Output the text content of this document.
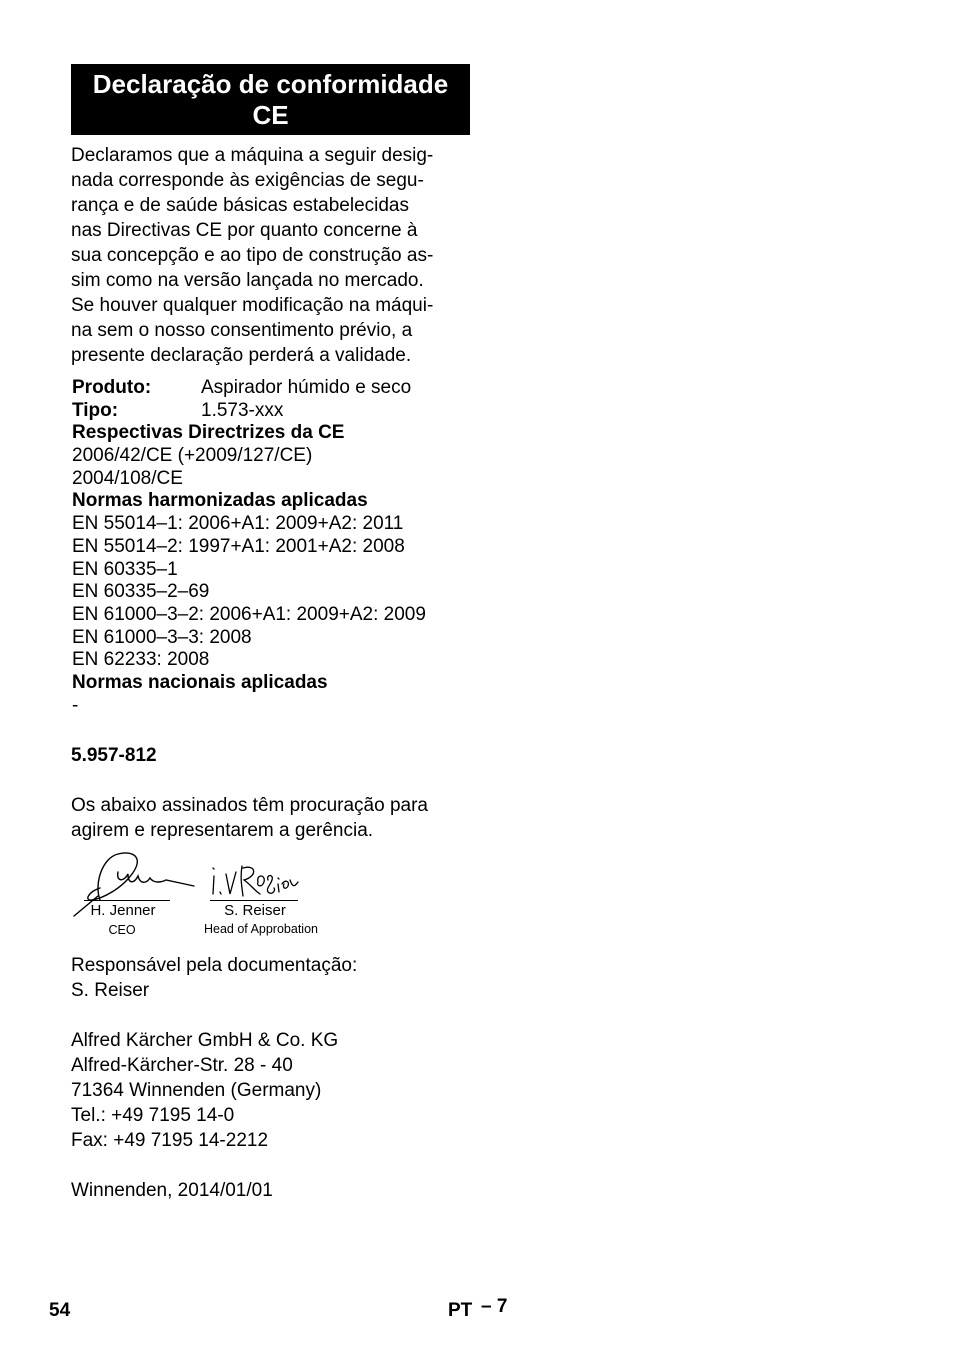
Declaração de conformidade
CE
Declaramos que a máquina a seguir desig-
nada corresponde às exigências de segu-
rança e de saúde básicas estabelecidas
nas Directivas CE por quanto concerne à
sua concepção e ao tipo de construção as-
sim como na versão lançada no mercado.
Se houver qualquer modificação na máqui-
na sem o nosso consentimento prévio, a
presente declaração perderá a validade.
Produto:	Aspirador húmido e seco
Tipo:	1.573-xxx
Respectivas Directrizes da CE
2006/42/CE (+2009/127/CE)
2004/108/CE
Normas harmonizadas aplicadas
EN 55014–1: 2006+A1: 2009+A2: 2011
EN 55014–2: 1997+A1: 2001+A2: 2008
EN 60335–1
EN 60335–2–69
EN 61000–3–2: 2006+A1: 2009+A2: 2009
EN 61000–3–3: 2008
EN 62233: 2008
Normas nacionais aplicadas
-
5.957-812
Os abaixo assinados têm procuração para
agirem e representarem a gerência.
H. Jenner	S. Reiser
CEO	Head of Approbation
Responsável pela documentação:
S. Reiser
Alfred Kärcher GmbH & Co. KG
Alfred-Kärcher-Str. 28 - 40
71364 Winnenden (Germany)
Tel.: +49 7195 14-0
Fax: +49 7195 14-2212
Winnenden, 2014/01/01
54	PT – 7
